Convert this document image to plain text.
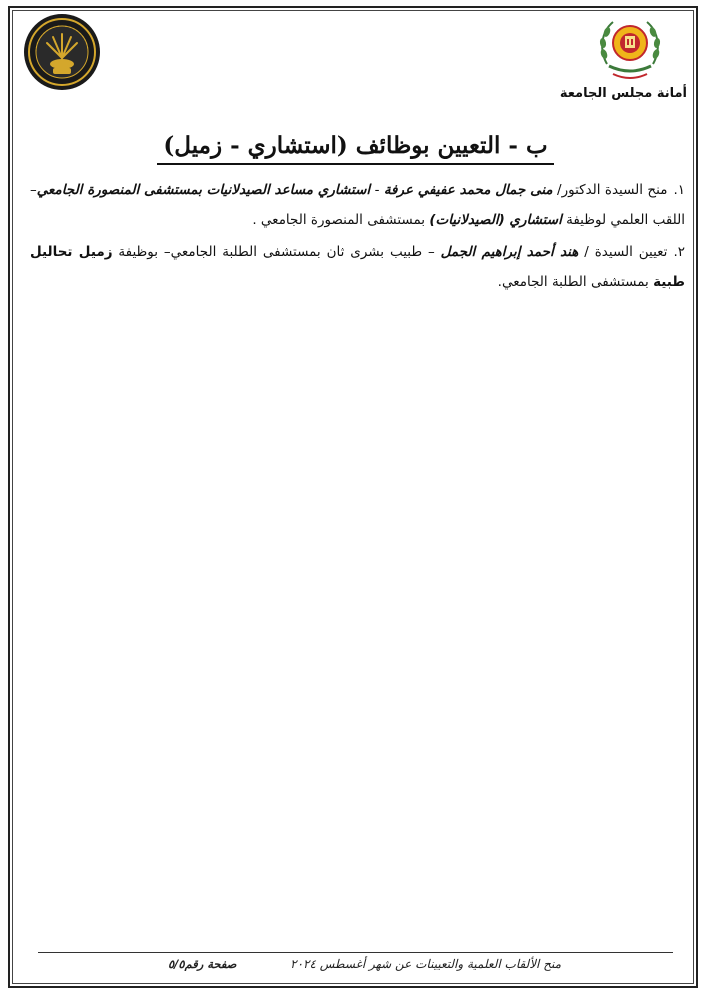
أمانة مجلس الجامعة
ب - التعيين بوظائف (استشاري - زميل)
١.منح السيدة الدكتور/ منى جمال محمد عفيفي عرفة - استشاري مساعد الصيدلانيات بمستشفى المنصورة الجامعي– اللقب العلمي لوظيفة استشاري (الصيدلانيات) بمستشفى المنصورة الجامعي .
٢.تعيين السيدة / هند أحمد إبراهيم الجمل – طبيب بشرى ثان بمستشفى الطلبة الجامعي– بوظيفة زميل تحاليل طبية بمستشفى الطلبة الجامعي.
منح الألقاب العلمية والتعيينات عن شهر أغسطس ٢٠٢٤
صفحة رقم٥/٥
